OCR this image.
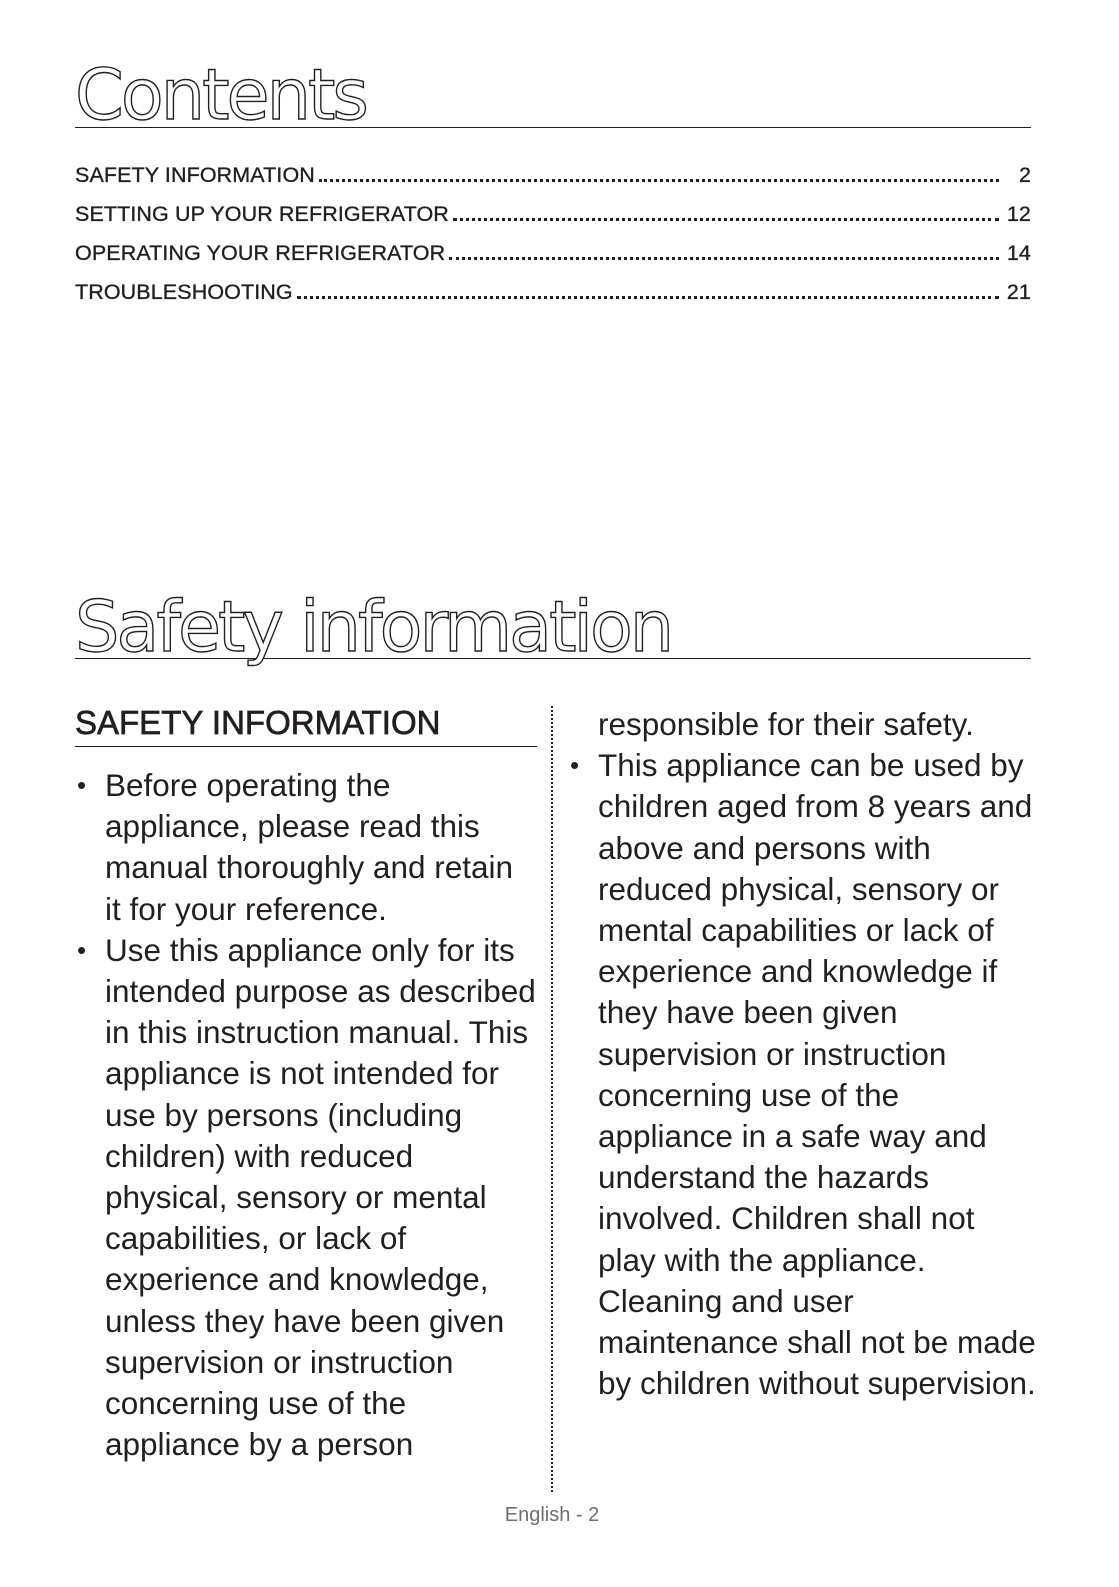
Contents
SAFETY INFORMATION	2
SETTING UP YOUR REFRIGERATOR	12
OPERATING YOUR REFRIGERATOR	14
TROUBLESHOOTING	21
Safety information
SAFETY INFORMATION
• Before operating the appliance, please read this manual thoroughly and retain it for your reference.
• Use this appliance only for its intended purpose as described in this instruction manual. This appliance is not intended for use by persons (including children) with reduced physical, sensory or mental capabilities, or lack of experience and knowledge, unless they have been given supervision or instruction concerning use of the appliance by a person

responsible for their safety.

• This appliance can be used by children aged from 8 years and above and persons with reduced physical, sensory or mental capabilities or lack of experience and knowledge if they have been given supervision or instruction concerning use of the appliance in a safe way and understand the hazards involved. Children shall not play with the appliance. Cleaning and user maintenance shall not be made by children without supervision.
English - 2
